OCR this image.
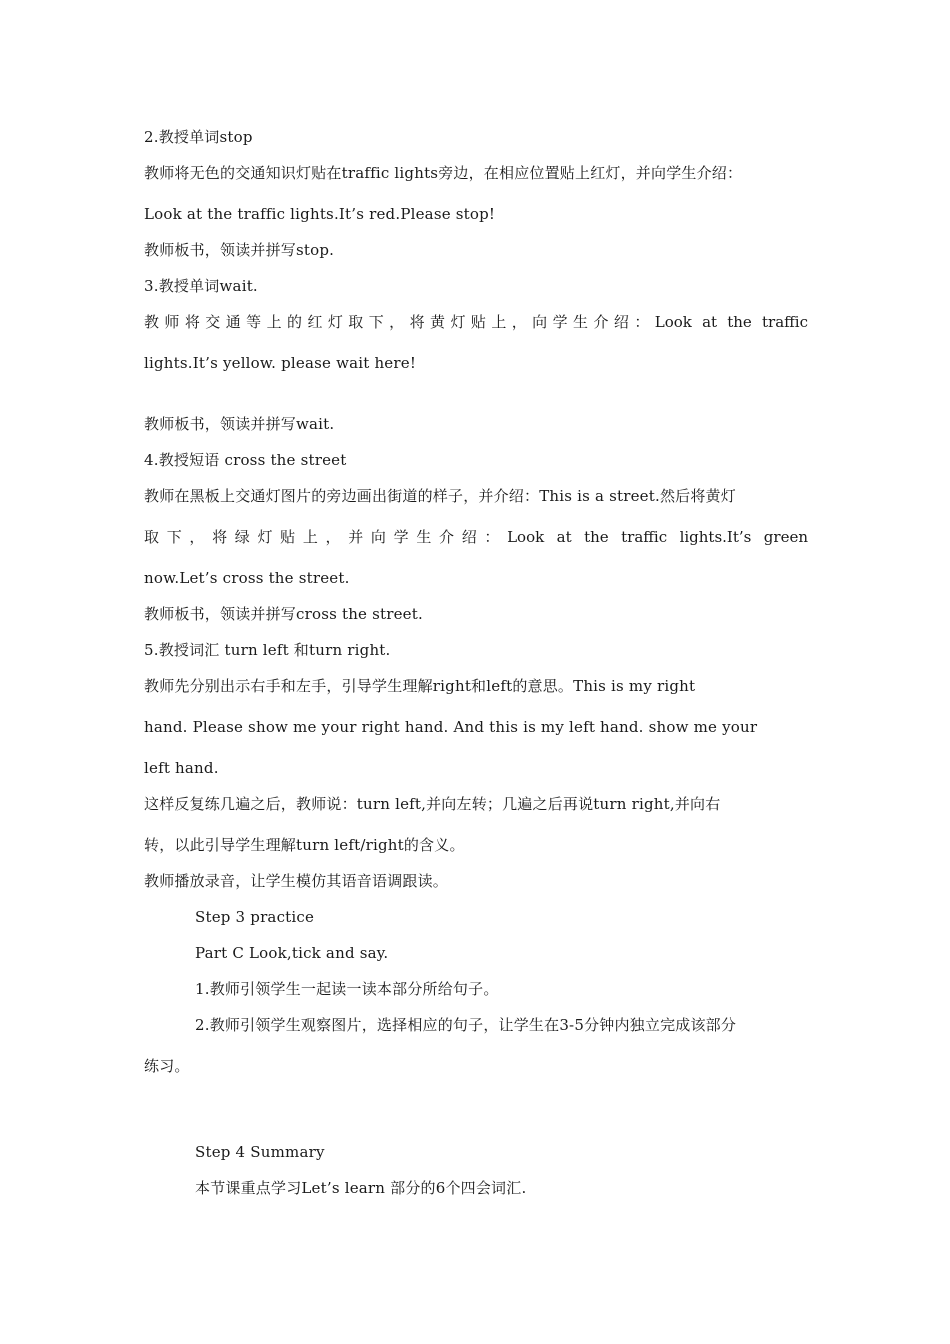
2.教授单词stop
教师将无色的交通知识灯贴在traffic lights旁边，在相应位置贴上红灯，并向学生介绍：
Look at the traffic lights.It’s red.Please stop!
教师板书，领读并拼写stop.
3.教授单词wait.
教师将交通等上的红灯取下，将黄灯贴上，向学生介绍：Look at the traffic
lights.It’s yellow. please wait here!
教师板书，领读并拼写wait.
4.教授短语 cross the street
教师在黑板上交通灯图片的旁边画出街道的样子，并介绍：This is a street.然后将黄灯
取下，将绿灯贴上，并向学生介绍：Look at the traffic lights.It’s green
now.Let’s cross the street.
教师板书，领读并拼写cross the street.
5.教授词汇 turn left 和turn right.
教师先分别出示右手和左手，引导学生理解right和left的意思。This is my right
hand. Please show me your right hand. And this is my left hand. show me your
left hand.
这样反复练几遍之后，教师说：turn left,并向左转；几遍之后再说turn right,并向右
转，以此引导学生理解turn left/right的含义。
教师播放录音，让学生模仿其语音语调跟读。
Step 3 practice
Part C Look,tick and say.
1.教师引领学生一起读一读本部分所给句子。
2.教师引领学生观察图片，选择相应的句子，让学生在3-5分钟内独立完成该部分
练习。
Step 4 Summary
本节课重点学习Let’s learn 部分的6个四会词汇.
